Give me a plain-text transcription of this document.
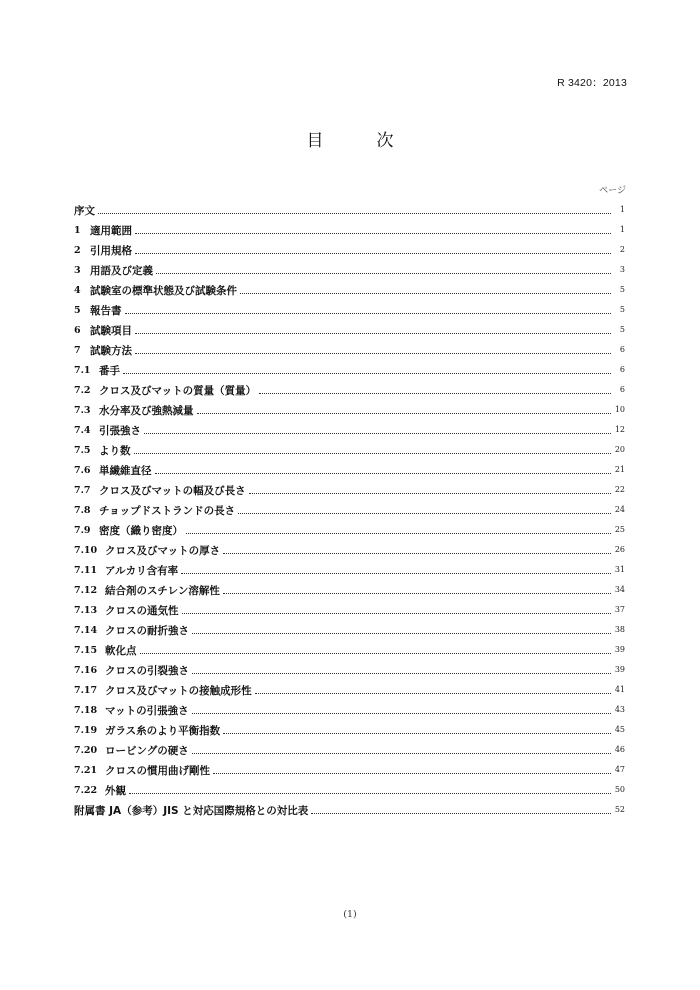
R 3420：2013
目　次
ページ
序文	1
1 適用範囲	1
2 引用規格	2
3 用語及び定義	3
4 試験室の標準状態及び試験条件	5
5 報告書	5
6 試験項目	5
7 試験方法	6
7.1 番手	6
7.2 クロス及びマットの質量（質量）	6
7.3 水分率及び強熱減量	10
7.4 引張強さ	12
7.5 より数	20
7.6 単繊維直径	21
7.7 クロス及びマットの幅及び長さ	22
7.8 チョップドストランドの長さ	24
7.9 密度（織り密度）	25
7.10 クロス及びマットの厚さ	26
7.11 アルカリ含有率	31
7.12 結合剤のスチレン溶解性	34
7.13 クロスの通気性	37
7.14 クロスの耐折強さ	38
7.15 軟化点	39
7.16 クロスの引裂強さ	39
7.17 クロス及びマットの接触成形性	41
7.18 マットの引張強さ	43
7.19 ガラス糸のより平衡指数	45
7.20 ロービングの硬さ	46
7.21 クロスの慣用曲げ剛性	47
7.22 外観	50
附属書 JA（参考）JIS と対応国際規格との対比表	52
(1)
